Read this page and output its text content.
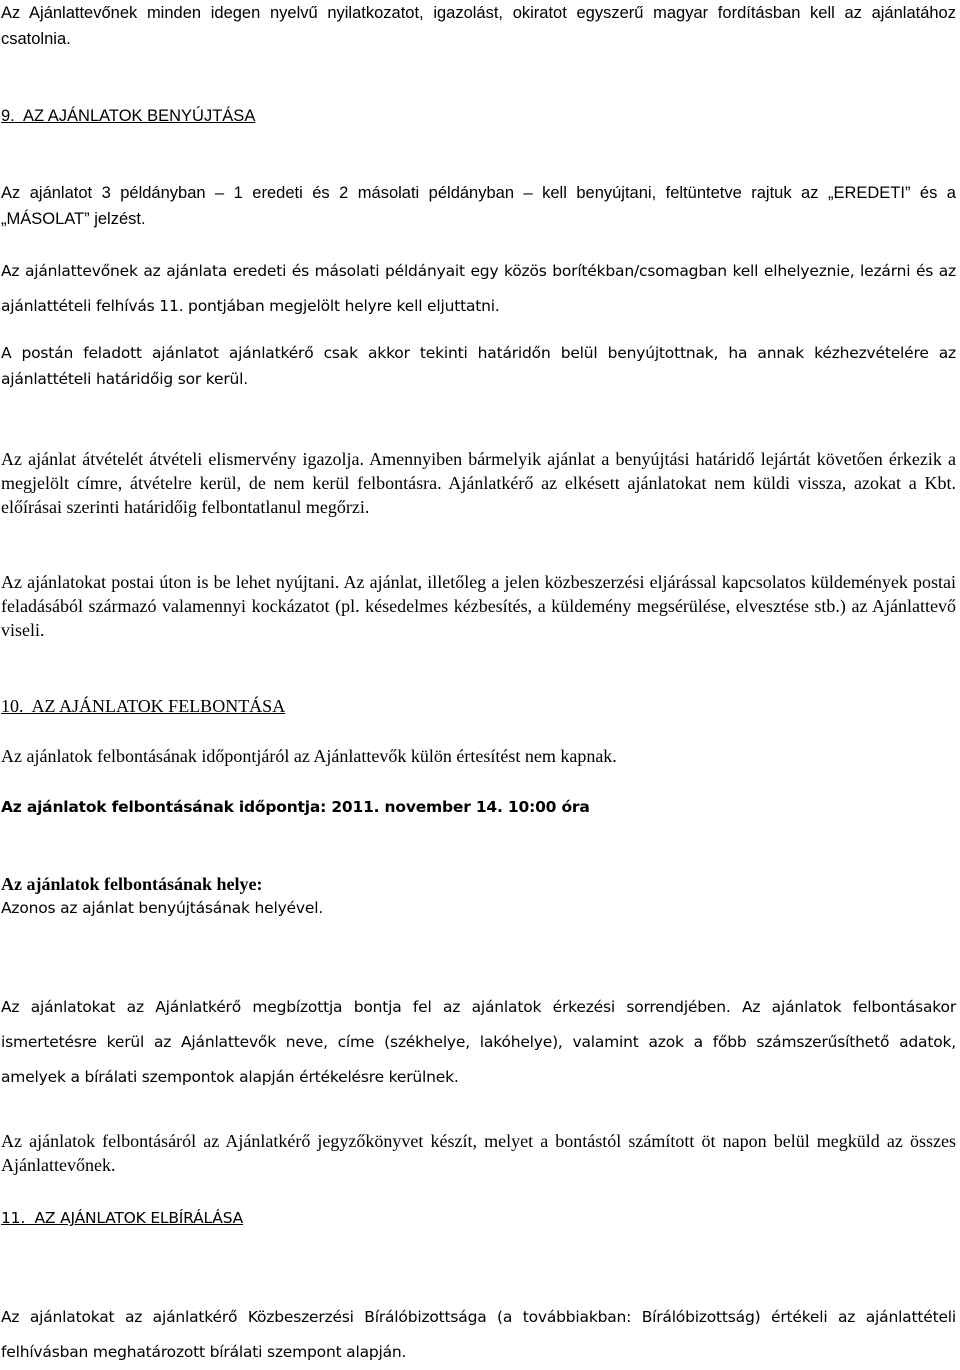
Az Ajánlattevőnek minden idegen nyelvű nyilatkozatot, igazolást, okiratot egyszerű magyar fordításban kell az ajánlatához csatolnia.

9. AZ AJÁNLATOK BENYÚJTÁSA

Az ajánlatot 3 példányban – 1 eredeti és 2 másolati példányban – kell benyújtani, feltüntetve rajtuk az „EREDETI” és a „MÁSOLAT” jelzést.

Az ajánlattevőnek az ajánlata eredeti és másolati példányait egy közös borítékban/csomagban kell elhelyeznie, lezárni és az ajánlattételi felhívás 11. pontjában megjelölt helyre kell eljuttatni.

A postán feladott ajánlatot ajánlatkérő csak akkor tekinti határidőn belül benyújtottnak, ha annak kézhezvételére az ajánlattételi határidőig sor kerül.

Az ajánlat átvételét átvételi elismervény igazolja. Amennyiben bármelyik ajánlat a benyújtási határidő lejártát követően érkezik a megjelölt címre, átvételre kerül, de nem kerül felbontásra. Ajánlatkérő az elkésett ajánlatokat nem küldi vissza, azokat a Kbt. előírásai szerinti határidőig felbontatlanul megőrzi.

Az ajánlatokat postai úton is be lehet nyújtani. Az ajánlat, illetőleg a jelen közbeszerzési eljárással kapcsolatos küldemények postai feladásából származó valamennyi kockázatot (pl. késedelmes kézbesítés, a küldemény megsérülése, elvesztése stb.) az Ajánlattevő viseli.

10. AZ AJÁNLATOK FELBONTÁSA

Az ajánlatok felbontásának időpontjáról az Ajánlattevők külön értesítést nem kapnak.

Az ajánlatok felbontásának időpontja: 2011. november 14. 10:00 óra

Az ajánlatok felbontásának helye:

Azonos az ajánlat benyújtásának helyével.

Az ajánlatokat az Ajánlatkérő megbízottja bontja fel az ajánlatok érkezési sorrendjében. Az ajánlatok felbontásakor ismertetésre kerül az Ajánlattevők neve, címe (székhelye, lakóhelye), valamint azok a főbb számszerűsíthető adatok, amelyek a bírálati szempontok alapján értékelésre kerülnek.

Az ajánlatok felbontásáról az Ajánlatkérő jegyzőkönyvet készít, melyet a bontástól számított öt napon belül megküld az összes Ajánlattevőnek.

11. AZ AJÁNLATOK ELBÍRÁLÁSA

Az ajánlatokat az ajánlatkérő Közbeszerzési Bírálóbizottsága (a továbbiakban: Bírálóbizottság) értékeli az ajánlattételi felhívásban meghatározott bírálati szempont alapján.
